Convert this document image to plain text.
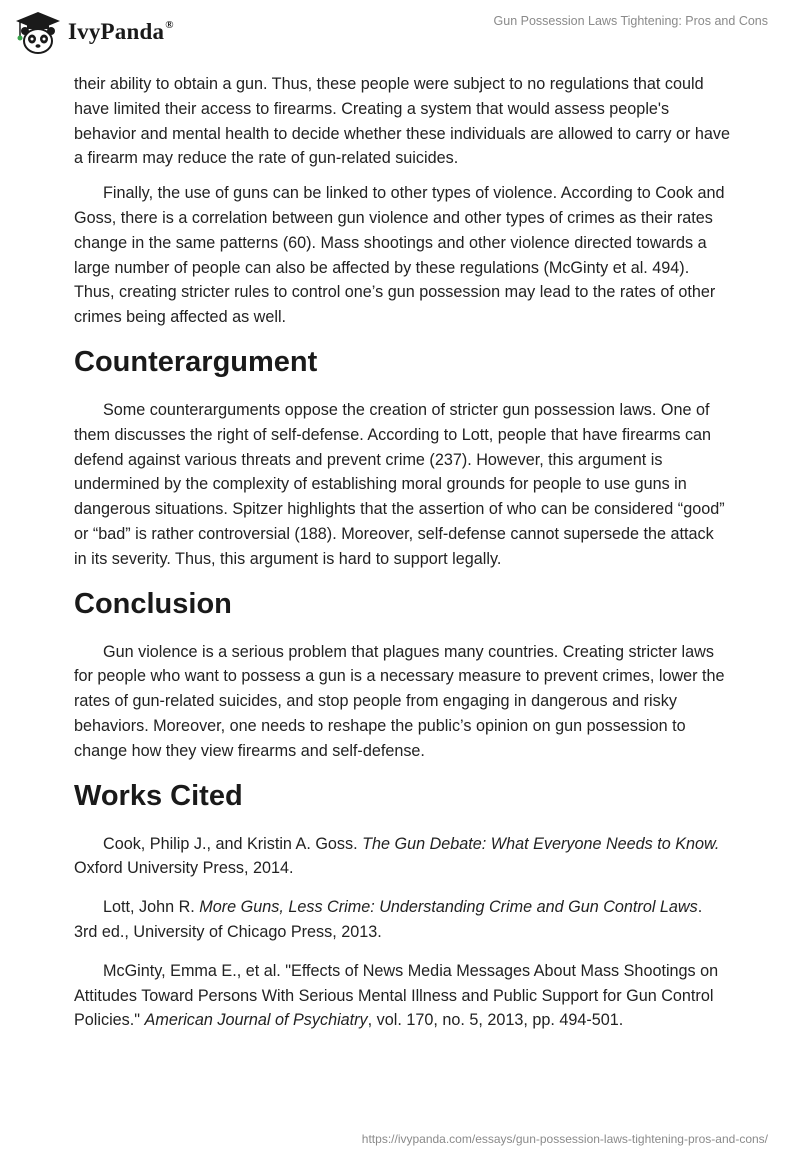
IvyPanda®	Gun Possession Laws Tightening: Pros and Cons

their ability to obtain a gun. Thus, these people were subject to no regulations that could have limited their access to firearms. Creating a system that would assess people's behavior and mental health to decide whether these individuals are allowed to carry or have a firearm may reduce the rate of gun-related suicides.

Finally, the use of guns can be linked to other types of violence. According to Cook and Goss, there is a correlation between gun violence and other types of crimes as their rates change in the same patterns (60). Mass shootings and other violence directed towards a large number of people can also be affected by these regulations (McGinty et al. 494). Thus, creating stricter rules to control one’s gun possession may lead to the rates of other crimes being affected as well.

Counterargument

Some counterarguments oppose the creation of stricter gun possession laws. One of them discusses the right of self-defense. According to Lott, people that have firearms can defend against various threats and prevent crime (237). However, this argument is undermined by the complexity of establishing moral grounds for people to use guns in dangerous situations. Spitzer highlights that the assertion of who can be considered “good” or “bad” is rather controversial (188). Moreover, self-defense cannot supersede the attack in its severity. Thus, this argument is hard to support legally.

Conclusion

Gun violence is a serious problem that plagues many countries. Creating stricter laws for people who want to possess a gun is a necessary measure to prevent crimes, lower the rates of gun-related suicides, and stop people from engaging in dangerous and risky behaviors. Moreover, one needs to reshape the public’s opinion on gun possession to change how they view firearms and self-defense.

Works Cited

Cook, Philip J., and Kristin A. Goss. The Gun Debate: What Everyone Needs to Know. Oxford University Press, 2014.

Lott, John R. More Guns, Less Crime: Understanding Crime and Gun Control Laws. 3rd ed., University of Chicago Press, 2013.

McGinty, Emma E., et al. "Effects of News Media Messages About Mass Shootings on Attitudes Toward Persons With Serious Mental Illness and Public Support for Gun Control Policies." American Journal of Psychiatry, vol. 170, no. 5, 2013, pp. 494-501.

https://ivypanda.com/essays/gun-possession-laws-tightening-pros-and-cons/
